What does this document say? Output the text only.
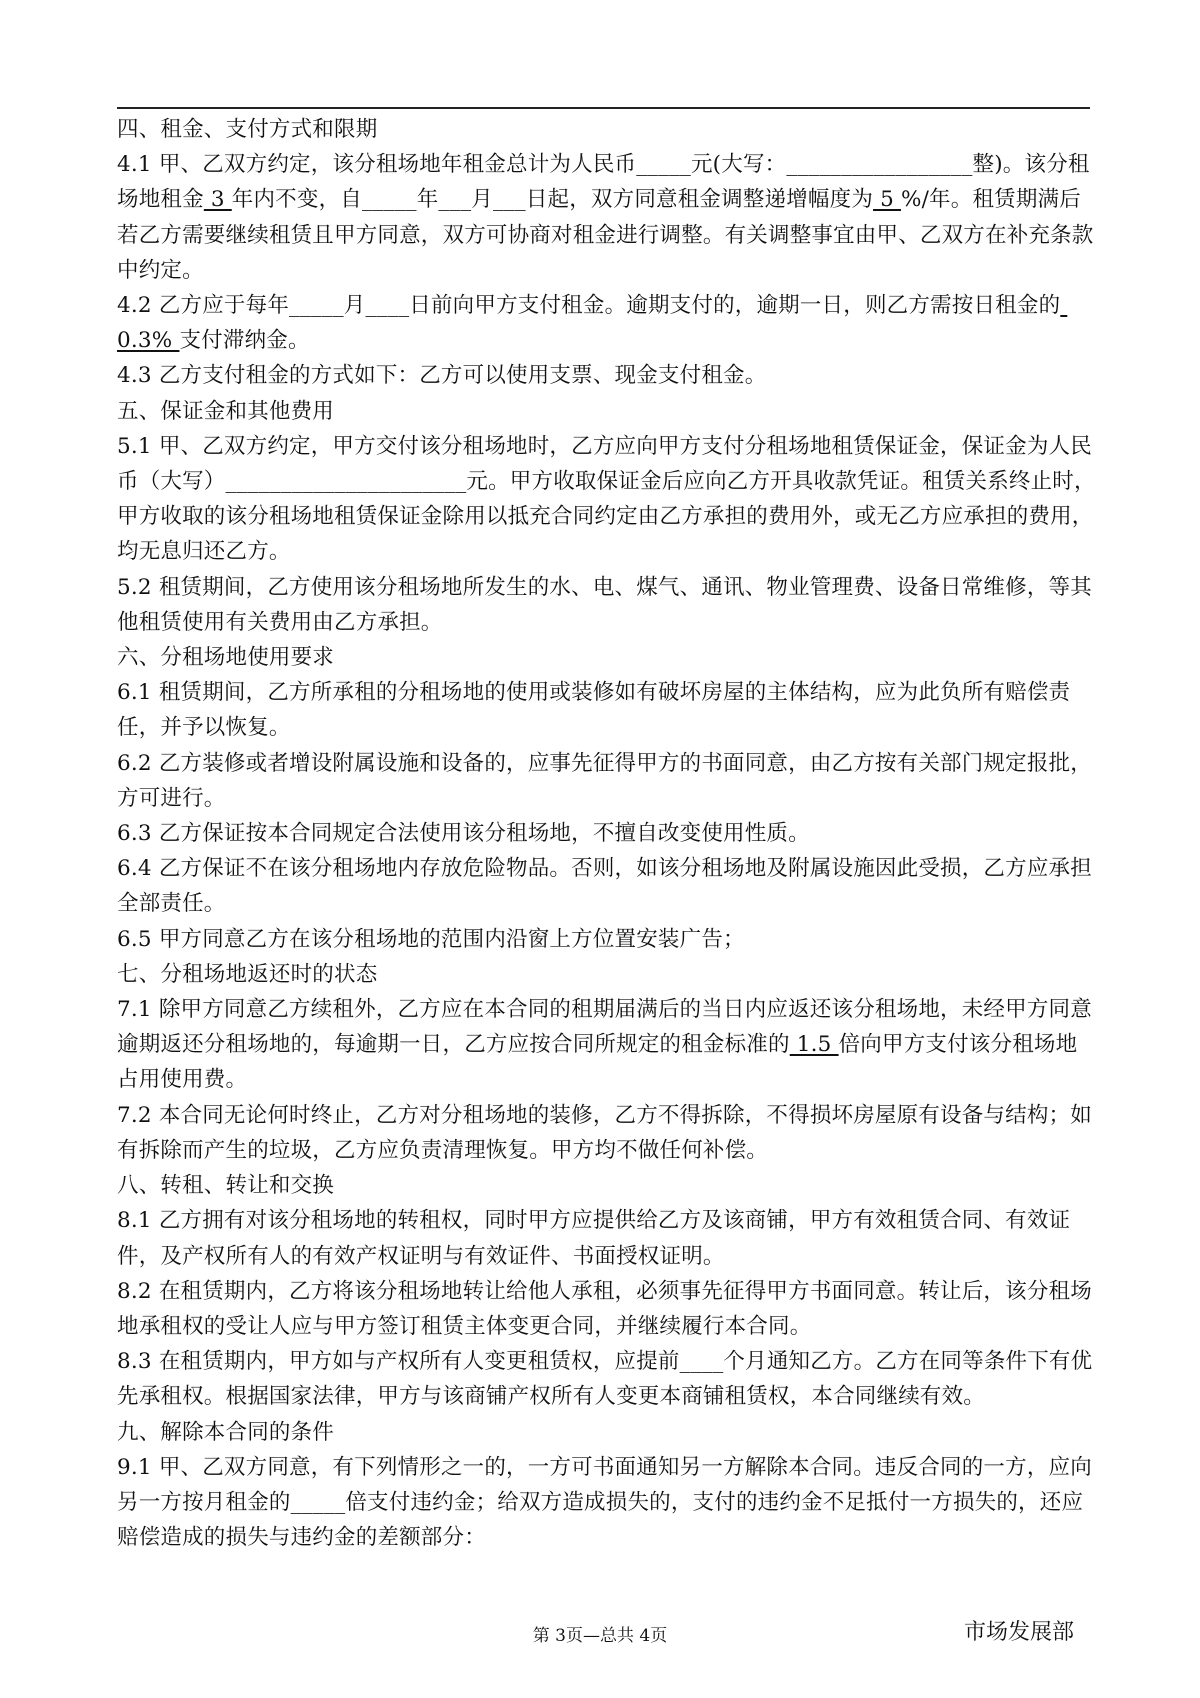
四、租金、支付方式和限期

4.1 甲、乙双方约定，该分租场地年租金总计为人民币_____元(大写：_________________整)。该分租场地租金 3 年内不变，自_____年___月___日起，双方同意租金调整递增幅度为 5 %/年。租赁期满后若乙方需要继续租赁且甲方同意，双方可协商对租金进行调整。有关调整事宜由甲、乙双方在补充条款中约定。

4.2 乙方应于每年_____月____日前向甲方支付租金。逾期支付的，逾期一日，则乙方需按日租金的 0.3% 支付滞纳金。

4.3 乙方支付租金的方式如下：乙方可以使用支票、现金支付租金。

五、保证金和其他费用

5.1 甲、乙双方约定，甲方交付该分租场地时，乙方应向甲方支付分租场地租赁保证金，保证金为人民币（大写）______________________元。甲方收取保证金后应向乙方开具收款凭证。租赁关系终止时，甲方收取的该分租场地租赁保证金除用以抵充合同约定由乙方承担的费用外，或无乙方应承担的费用，均无息归还乙方。

5.2 租赁期间，乙方使用该分租场地所发生的水、电、煤气、通讯、物业管理费、设备日常维修，等其他租赁使用有关费用由乙方承担。

六、分租场地使用要求

6.1 租赁期间，乙方所承租的分租场地的使用或装修如有破坏房屋的主体结构，应为此负所有赔偿责任，并予以恢复。

6.2 乙方装修或者增设附属设施和设备的，应事先征得甲方的书面同意，由乙方按有关部门规定报批，方可进行。

6.3 乙方保证按本合同规定合法使用该分租场地，不擅自改变使用性质。

6.4 乙方保证不在该分租场地内存放危险物品。否则，如该分租场地及附属设施因此受损，乙方应承担全部责任。

6.5 甲方同意乙方在该分租场地的范围内沿窗上方位置安装广告；

七、分租场地返还时的状态

7.1 除甲方同意乙方续租外，乙方应在本合同的租期届满后的当日内应返还该分租场地，未经甲方同意逾期返还分租场地的，每逾期一日，乙方应按合同所规定的租金标准的 1.5 倍向甲方支付该分租场地占用使用费。

7.2 本合同无论何时终止，乙方对分租场地的装修，乙方不得拆除，不得损坏房屋原有设备与结构；如有拆除而产生的垃圾，乙方应负责清理恢复。甲方均不做任何补偿。

八、转租、转让和交换

8.1 乙方拥有对该分租场地的转租权，同时甲方应提供给乙方及该商铺，甲方有效租赁合同、有效证件，及产权所有人的有效产权证明与有效证件、书面授权证明。

8.2 在租赁期内，乙方将该分租场地转让给他人承租，必须事先征得甲方书面同意。转让后，该分租场地承租权的受让人应与甲方签订租赁主体变更合同，并继续履行本合同。

8.3 在租赁期内，甲方如与产权所有人变更租赁权，应提前____个月通知乙方。乙方在同等条件下有优先承租权。根据国家法律，甲方与该商铺产权所有人变更本商铺租赁权，本合同继续有效。

九、解除本合同的条件

9.1 甲、乙双方同意，有下列情形之一的，一方可书面通知另一方解除本合同。违反合同的一方，应向另一方按月租金的_____倍支付违约金；给双方造成损失的，支付的违约金不足抵付一方损失的，还应赔偿造成的损失与违约金的差额部分：

第 3页—总共 4页	市场发展部
